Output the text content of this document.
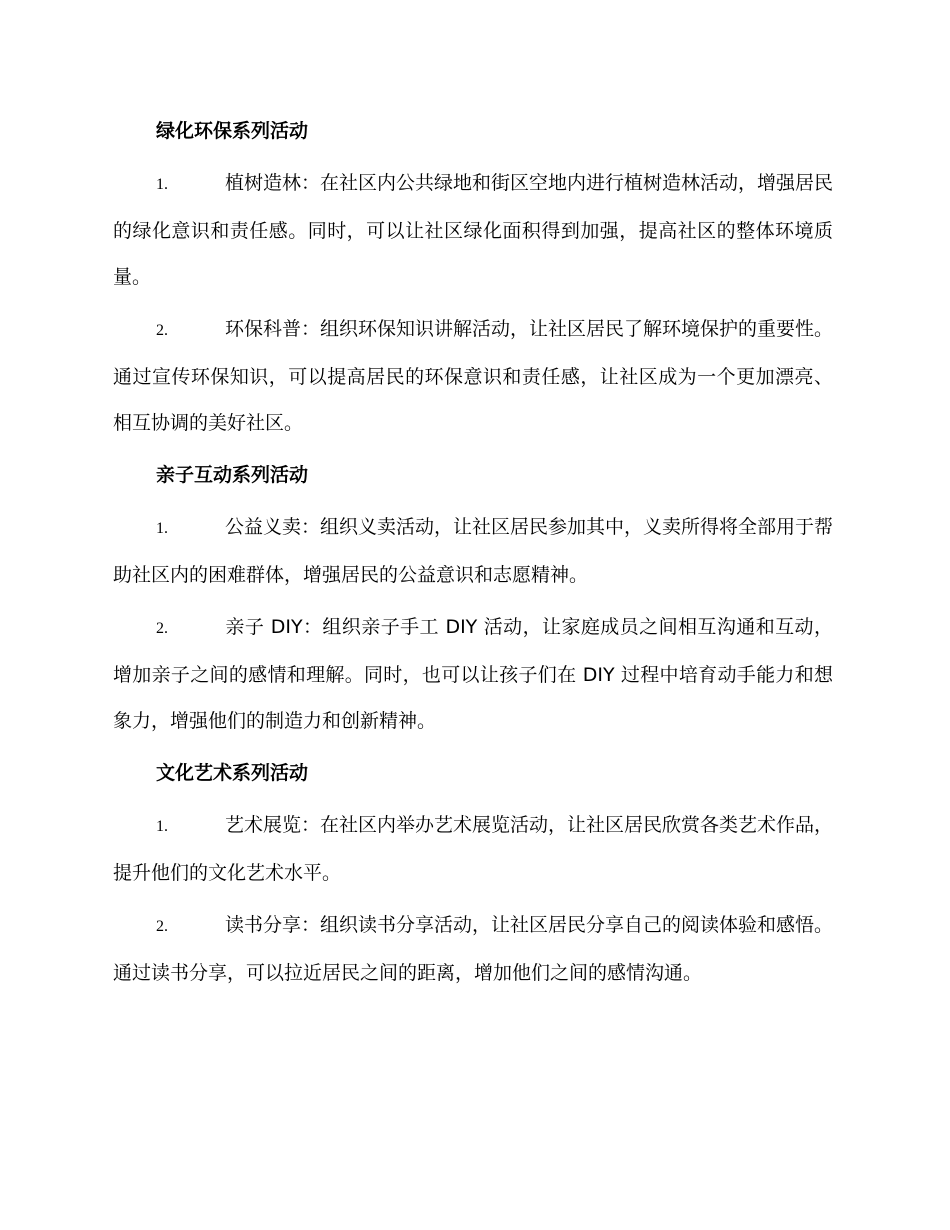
绿化环保系列活动

1.	植树造林：在社区内公共绿地和街区空地内进行植树造林活动，增强居民的绿化意识和责任感。同时，可以让社区绿化面积得到加强，提高社区的整体环境质量。

2.	环保科普：组织环保知识讲解活动，让社区居民了解环境保护的重要性。通过宣传环保知识，可以提高居民的环保意识和责任感，让社区成为一个更加漂亮、相互协调的美好社区。

亲子互动系列活动

1.	公益义卖：组织义卖活动，让社区居民参加其中，义卖所得将全部用于帮助社区内的困难群体，增强居民的公益意识和志愿精神。

2.	亲子 DIY：组织亲子手工 DIY 活动，让家庭成员之间相互沟通和互动，增加亲子之间的感情和理解。同时，也可以让孩子们在 DIY 过程中培育动手能力和想象力，增强他们的制造力和创新精神。

文化艺术系列活动

1.	艺术展览：在社区内举办艺术展览活动，让社区居民欣赏各类艺术作品，提升他们的文化艺术水平。

2.	读书分享：组织读书分享活动，让社区居民分享自己的阅读体验和感悟。通过读书分享，可以拉近居民之间的距离，增加他们之间的感情沟通。
